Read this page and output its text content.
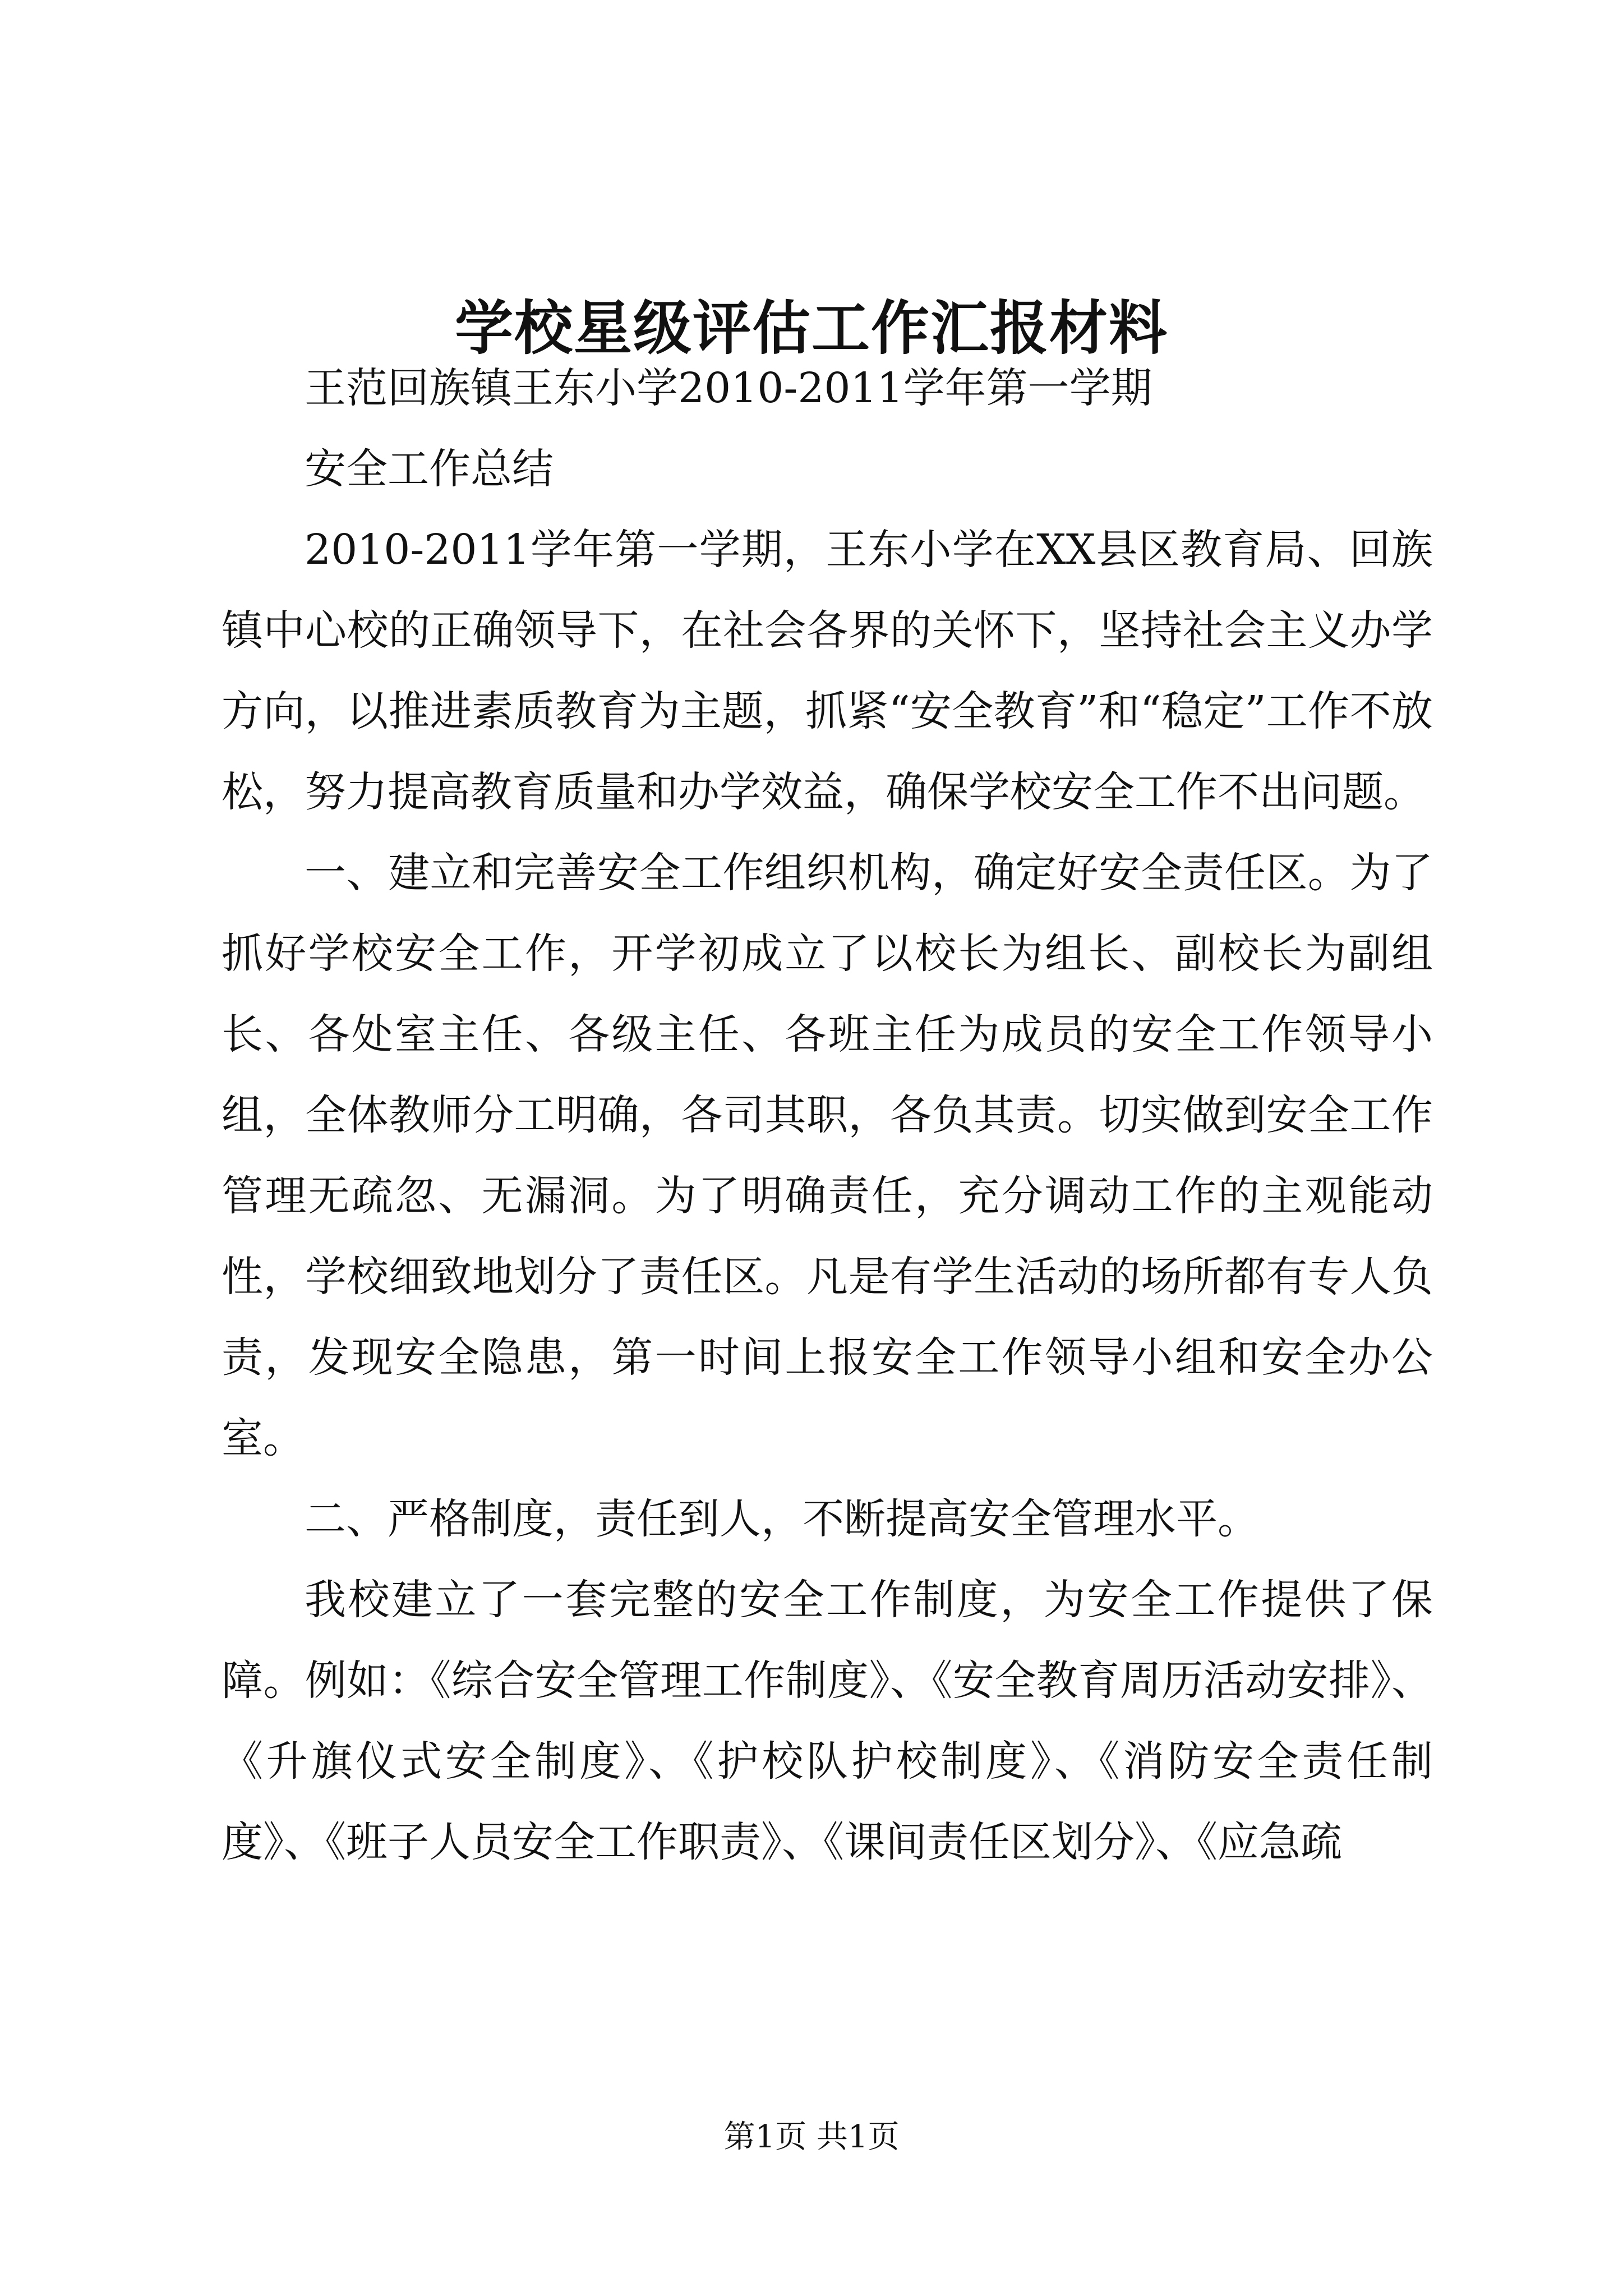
学校星级评估工作汇报材料

王范回族镇王东小学2010-2011学年第一学期

安全工作总结

2010-2011学年第一学期，王东小学在XX县区教育局、回族镇中心校的正确领导下，在社会各界的关怀下，坚持社会主义办学方向，以推进素质教育为主题，抓紧“安全教育”和“稳定”工作不放松，努力提高教育质量和办学效益，确保学校安全工作不出问题。

一、建立和完善安全工作组织机构，确定好安全责任区。为了抓好学校安全工作，开学初成立了以校长为组长、副校长为副组长、各处室主任、各级主任、各班主任为成员的安全工作领导小组，全体教师分工明确，各司其职，各负其责。切实做到安全工作管理无疏忽、无漏洞。为了明确责任，充分调动工作的主观能动性，学校细致地划分了责任区。凡是有学生活动的场所都有专人负责，发现安全隐患，第一时间上报安全工作领导小组和安全办公室。

二、严格制度，责任到人，不断提高安全管理水平。

我校建立了一套完整的安全工作制度，为安全工作提供了保障。例如：《综合安全管理工作制度》、《安全教育周历活动安排》、《升旗仪式安全制度》、《护校队护校制度》、《消防安全责任制度》、《班子人员安全工作职责》、《课间责任区划分》、《应急疏

第1页 共1页
